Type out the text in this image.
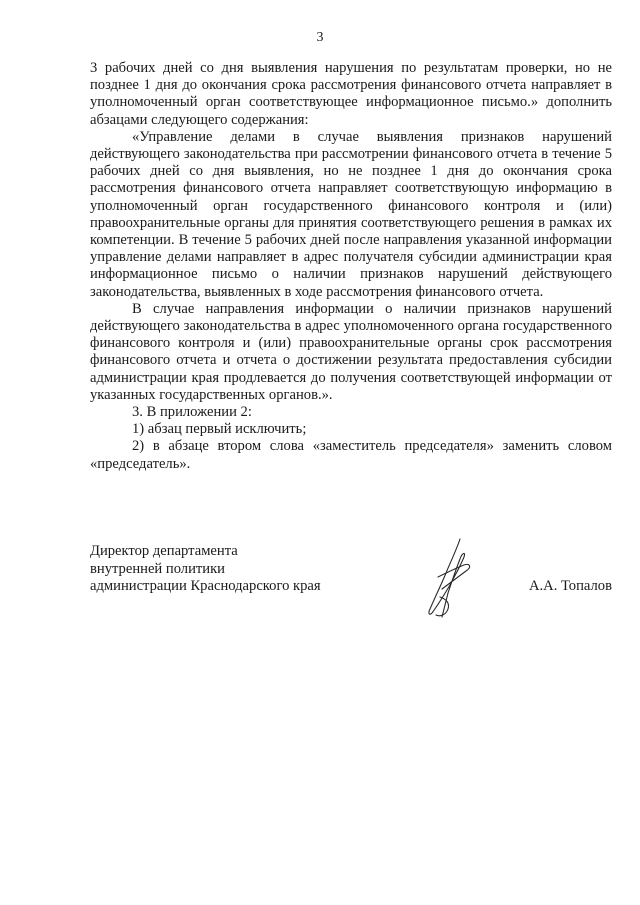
3

3 рабочих дней со дня выявления нарушения по результатам проверки, но не позднее 1 дня до окончания срока рассмотрения финансового отчета направляет в уполномоченный орган соответствующее информационное письмо.» дополнить абзацами следующего содержания:

«Управление делами в случае выявления признаков нарушений действующего законодательства при рассмотрении финансового отчета в течение 5 рабочих дней со дня выявления, но не позднее 1 дня до окончания срока рассмотрения финансового отчета направляет соответствующую информацию в уполномоченный орган государственного финансового контроля и (или) правоохранительные органы для принятия соответствующего решения в рамках их компетенции. В течение 5 рабочих дней после направления указанной информации управление делами направляет в адрес получателя субсидии администрации края информационное письмо о наличии признаков нарушений действующего законодательства, выявленных в ходе рассмотрения финансового отчета.

В случае направления информации о наличии признаков нарушений действующего законодательства в адрес уполномоченного органа государственного финансового контроля и (или) правоохранительные органы срок рассмотрения финансового отчета и отчета о достижении результата предоставления субсидии администрации края продлевается до получения соответствующей информации от указанных государственных органов.».

3. В приложении 2:

1) абзац первый исключить;

2) в абзаце втором слова «заместитель председателя» заменить словом «председатель».

Директор департамента
внутренней политики
администрации Краснодарского края	А.А. Топалов
